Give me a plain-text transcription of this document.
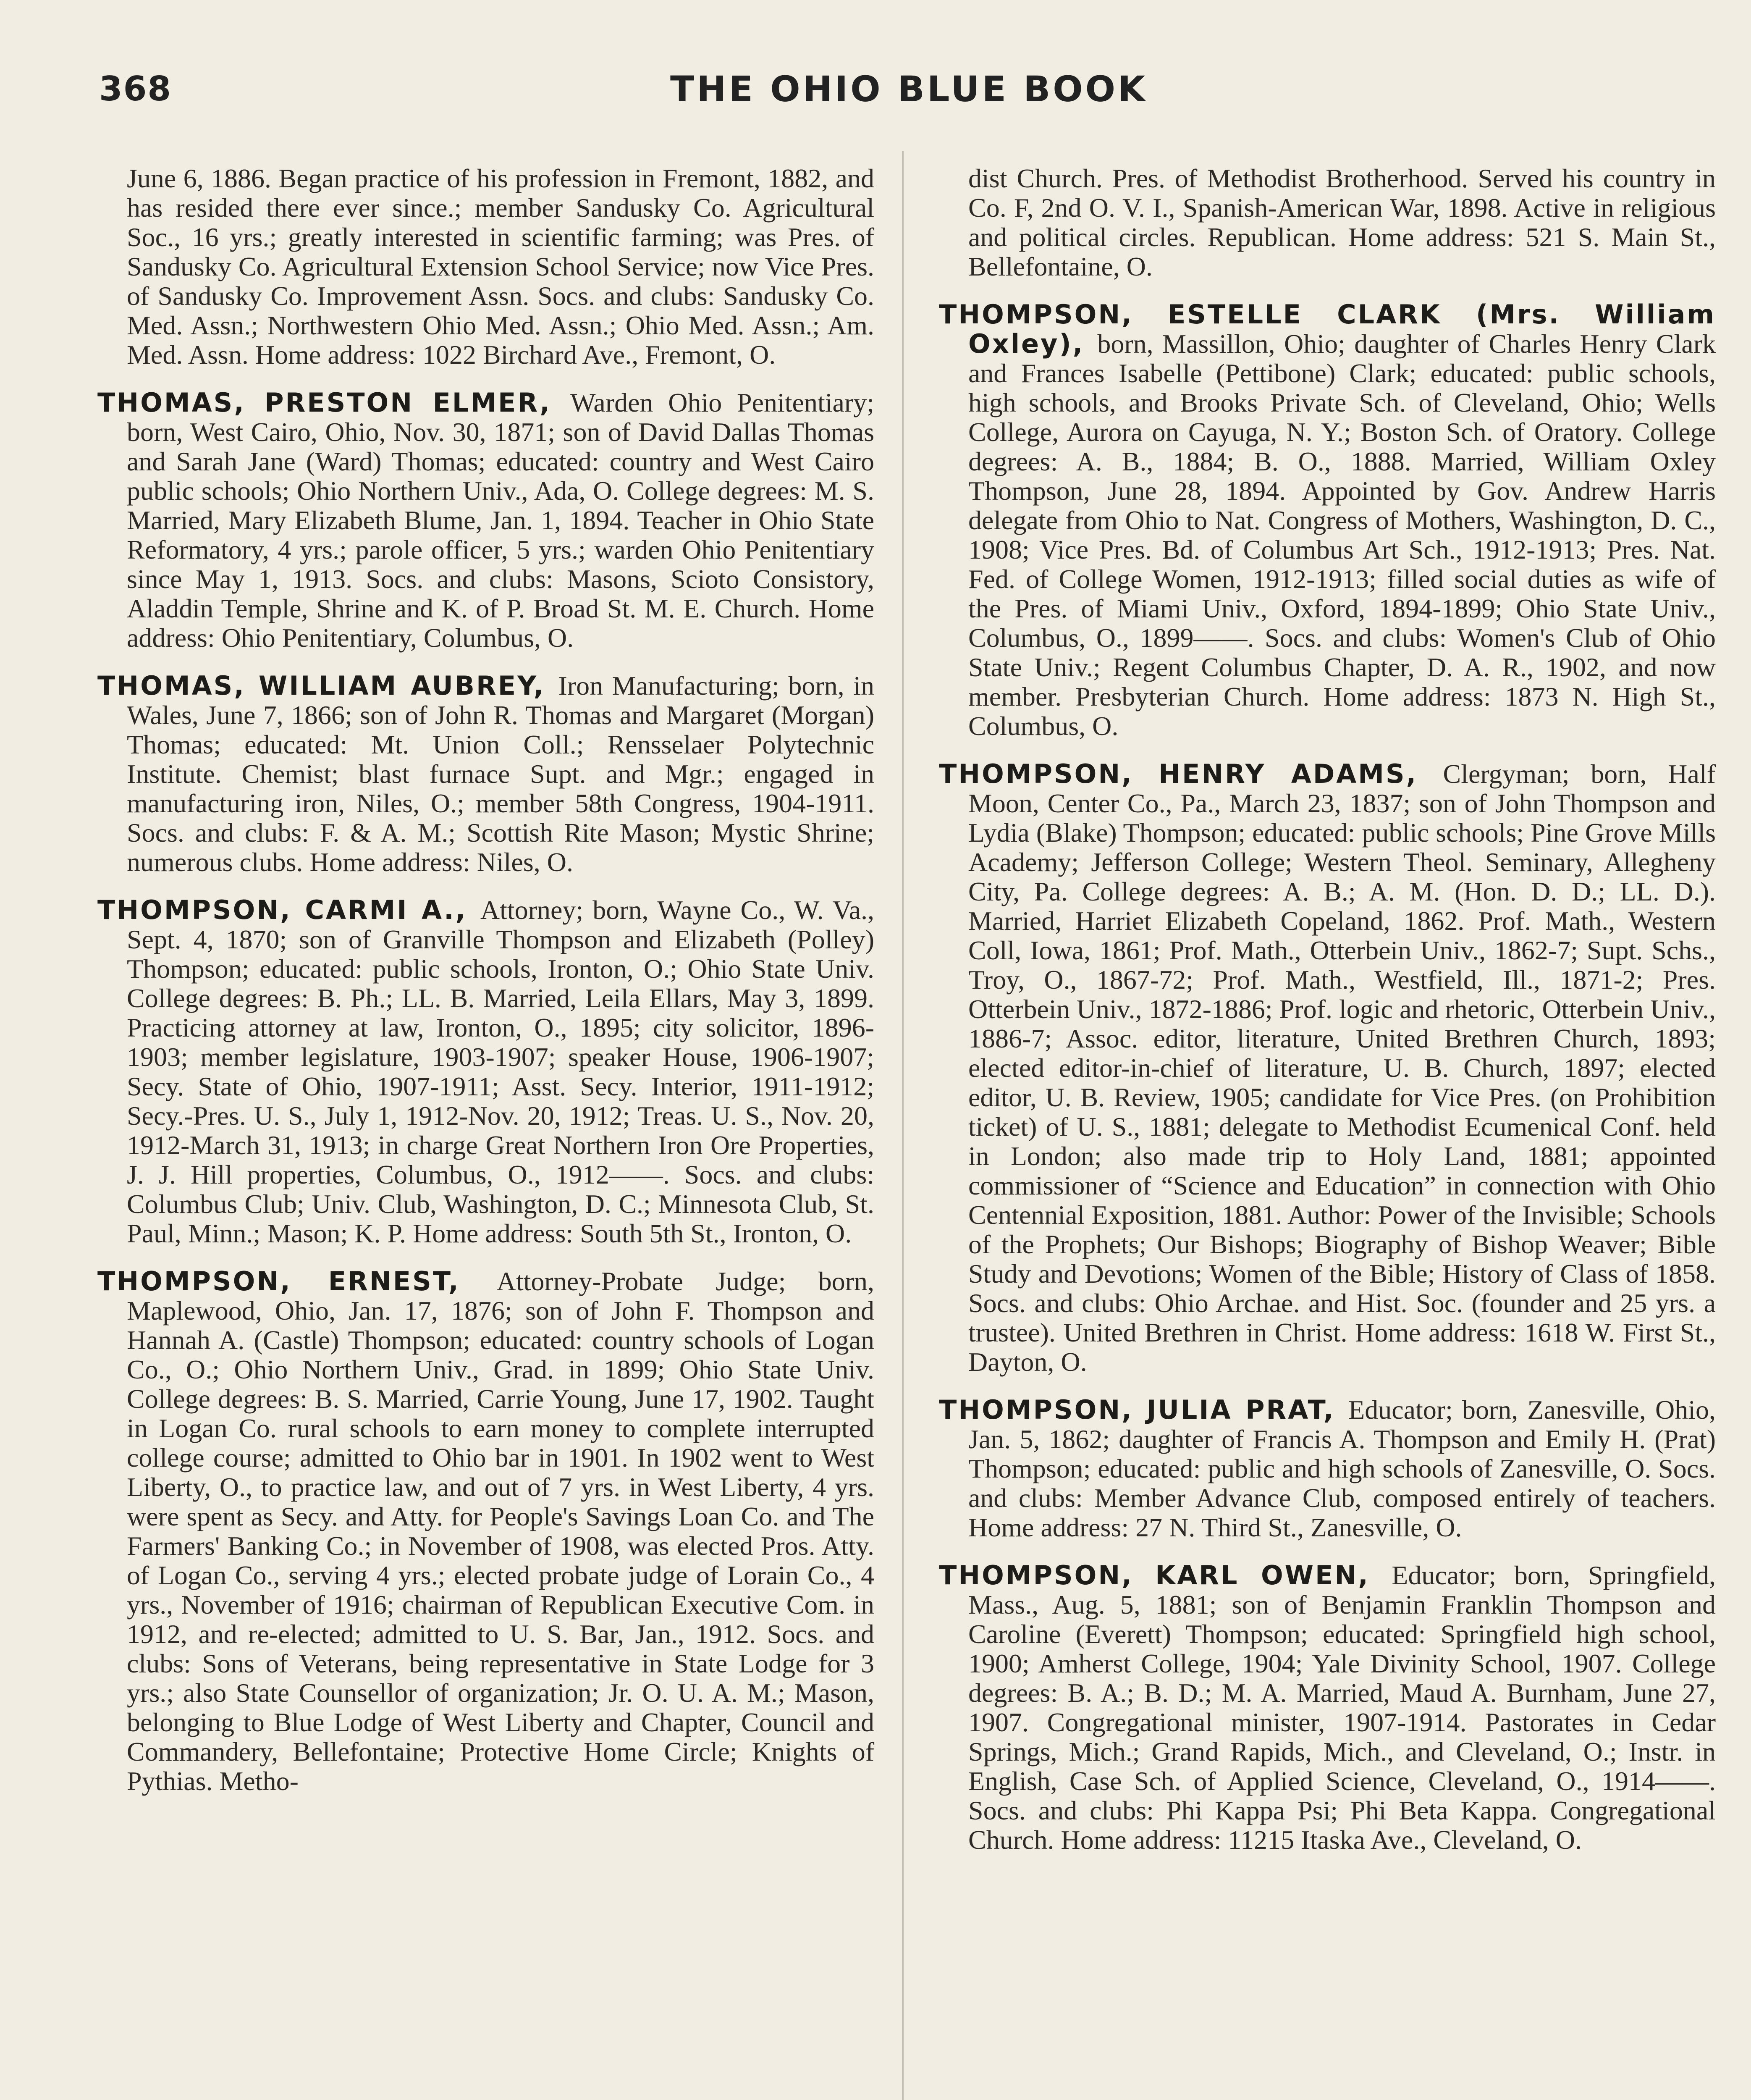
368	THE OHIO BLUE BOOK

June 6, 1886. Began practice of his profession in Fremont, 1882, and has resided there ever since.; member Sandusky Co. Agricultural Soc., 16 yrs.; greatly interested in scientific farming; was Pres. of Sandusky Co. Agricultural Extension School Service; now Vice Pres. of Sandusky Co. Improvement Assn. Socs. and clubs: Sandusky Co. Med. Assn.; Northwestern Ohio Med. Assn.; Ohio Med. Assn.; Am. Med. Assn. Home address: 1022 Birchard Ave., Fremont, O.

THOMAS, PRESTON ELMER, Warden Ohio Penitentiary; born, West Cairo, Ohio, Nov. 30, 1871; son of David Dallas Thomas and Sarah Jane (Ward) Thomas; educated: country and West Cairo public schools; Ohio Northern Univ., Ada, O. College degrees: M. S. Married, Mary Elizabeth Blume, Jan. 1, 1894. Teacher in Ohio State Reformatory, 4 yrs.; parole officer, 5 yrs.; warden Ohio Penitentiary since May 1, 1913. Socs. and clubs: Masons, Scioto Consistory, Aladdin Temple, Shrine and K. of P. Broad St. M. E. Church. Home address: Ohio Penitentiary, Columbus, O.

THOMAS, WILLIAM AUBREY, Iron Manufacturing; born, in Wales, June 7, 1866; son of John R. Thomas and Margaret (Morgan) Thomas; educated: Mt. Union Coll.; Rensselaer Polytechnic Institute. Chemist; blast furnace Supt. and Mgr.; engaged in manufacturing iron, Niles, O.; member 58th Congress, 1904-1911. Socs. and clubs: F. & A. M.; Scottish Rite Mason; Mystic Shrine; numerous clubs. Home address: Niles, O.

THOMPSON, CARMI A., Attorney; born, Wayne Co., W. Va., Sept. 4, 1870; son of Granville Thompson and Elizabeth (Polley) Thompson; educated: public schools, Ironton, O.; Ohio State Univ. College degrees: B. Ph.; LL. B. Married, Leila Ellars, May 3, 1899. Practicing attorney at law, Ironton, O., 1895; city solicitor, 1896-1903; member legislature, 1903-1907; speaker House, 1906-1907; Secy. State of Ohio, 1907-1911; Asst. Secy. Interior, 1911-1912; Secy.-Pres. U. S., July 1, 1912-Nov. 20, 1912; Treas. U. S., Nov. 20, 1912-March 31, 1913; in charge Great Northern Iron Ore Properties, J. J. Hill properties, Columbus, O., 1912——. Socs. and clubs: Columbus Club; Univ. Club, Washington, D. C.; Minnesota Club, St. Paul, Minn.; Mason; K. P. Home address: South 5th St., Ironton, O.

THOMPSON, ERNEST, Attorney-Probate Judge; born, Maplewood, Ohio, Jan. 17, 1876; son of John F. Thompson and Hannah A. (Castle) Thompson; educated: country schools of Logan Co., O.; Ohio Northern Univ., Grad. in 1899; Ohio State Univ. College degrees: B. S. Married, Carrie Young, June 17, 1902. Taught in Logan Co. rural schools to earn money to complete interrupted college course; admitted to Ohio bar in 1901. In 1902 went to West Liberty, O., to practice law, and out of 7 yrs. in West Liberty, 4 yrs. were spent as Secy. and Atty. for People's Savings Loan Co. and The Farmers' Banking Co.; in November of 1908, was elected Pros. Atty. of Logan Co., serving 4 yrs.; elected probate judge of Lorain Co., 4 yrs., November of 1916; chairman of Republican Executive Com. in 1912, and re-elected; admitted to U. S. Bar, Jan., 1912. Socs. and clubs: Sons of Veterans, being representative in State Lodge for 3 yrs.; also State Counsellor of organization; Jr. O. U. A. M.; Mason, belonging to Blue Lodge of West Liberty and Chapter, Council and Commandery, Bellefontaine; Protective Home Circle; Knights of Pythias. Metho-

dist Church. Pres. of Methodist Brotherhood. Served his country in Co. F, 2nd O. V. I., Spanish-American War, 1898. Active in religious and political circles. Republican. Home address: 521 S. Main St., Bellefontaine, O.

THOMPSON, ESTELLE CLARK (Mrs. William Oxley), born, Massillon, Ohio; daughter of Charles Henry Clark and Frances Isabelle (Pettibone) Clark; educated: public schools, high schools, and Brooks Private Sch. of Cleveland, Ohio; Wells College, Aurora on Cayuga, N. Y.; Boston Sch. of Oratory. College degrees: A. B., 1884; B. O., 1888. Married, William Oxley Thompson, June 28, 1894. Appointed by Gov. Andrew Harris delegate from Ohio to Nat. Congress of Mothers, Washington, D. C., 1908; Vice Pres. Bd. of Columbus Art Sch., 1912-1913; Pres. Nat. Fed. of College Women, 1912-1913; filled social duties as wife of the Pres. of Miami Univ., Oxford, 1894-1899; Ohio State Univ., Columbus, O., 1899——. Socs. and clubs: Women's Club of Ohio State Univ.; Regent Columbus Chapter, D. A. R., 1902, and now member. Presbyterian Church. Home address: 1873 N. High St., Columbus, O.

THOMPSON, HENRY ADAMS, Clergyman; born, Half Moon, Center Co., Pa., March 23, 1837; son of John Thompson and Lydia (Blake) Thompson; educated: public schools; Pine Grove Mills Academy; Jefferson College; Western Theol. Seminary, Allegheny City, Pa. College degrees: A. B.; A. M. (Hon. D. D.; LL. D.). Married, Harriet Elizabeth Copeland, 1862. Prof. Math., Western Coll, Iowa, 1861; Prof. Math., Otterbein Univ., 1862-7; Supt. Schs., Troy, O., 1867-72; Prof. Math., Westfield, Ill., 1871-2; Pres. Otterbein Univ., 1872-1886; Prof. logic and rhetoric, Otterbein Univ., 1886-7; Assoc. editor, literature, United Brethren Church, 1893; elected editor-in-chief of literature, U. B. Church, 1897; elected editor, U. B. Review, 1905; candidate for Vice Pres. (on Prohibition ticket) of U. S., 1881; delegate to Methodist Ecumenical Conf. held in London; also made trip to Holy Land, 1881; appointed commissioner of “Science and Education” in connection with Ohio Centennial Exposition, 1881. Author: Power of the Invisible; Schools of the Prophets; Our Bishops; Biography of Bishop Weaver; Bible Study and Devotions; Women of the Bible; History of Class of 1858. Socs. and clubs: Ohio Archae. and Hist. Soc. (founder and 25 yrs. a trustee). United Brethren in Christ. Home address: 1618 W. First St., Dayton, O.

THOMPSON, JULIA PRAT, Educator; born, Zanesville, Ohio, Jan. 5, 1862; daughter of Francis A. Thompson and Emily H. (Prat) Thompson; educated: public and high schools of Zanesville, O. Socs. and clubs: Member Advance Club, composed entirely of teachers. Home address: 27 N. Third St., Zanesville, O.

THOMPSON, KARL OWEN, Educator; born, Springfield, Mass., Aug. 5, 1881; son of Benjamin Franklin Thompson and Caroline (Everett) Thompson; educated: Springfield high school, 1900; Amherst College, 1904; Yale Divinity School, 1907. College degrees: B. A.; B. D.; M. A. Married, Maud A. Burnham, June 27, 1907. Congregational minister, 1907-1914. Pastorates in Cedar Springs, Mich.; Grand Rapids, Mich., and Cleveland, O.; Instr. in English, Case Sch. of Applied Science, Cleveland, O., 1914——. Socs. and clubs: Phi Kappa Psi; Phi Beta Kappa. Congregational Church. Home address: 11215 Itaska Ave., Cleveland, O.
